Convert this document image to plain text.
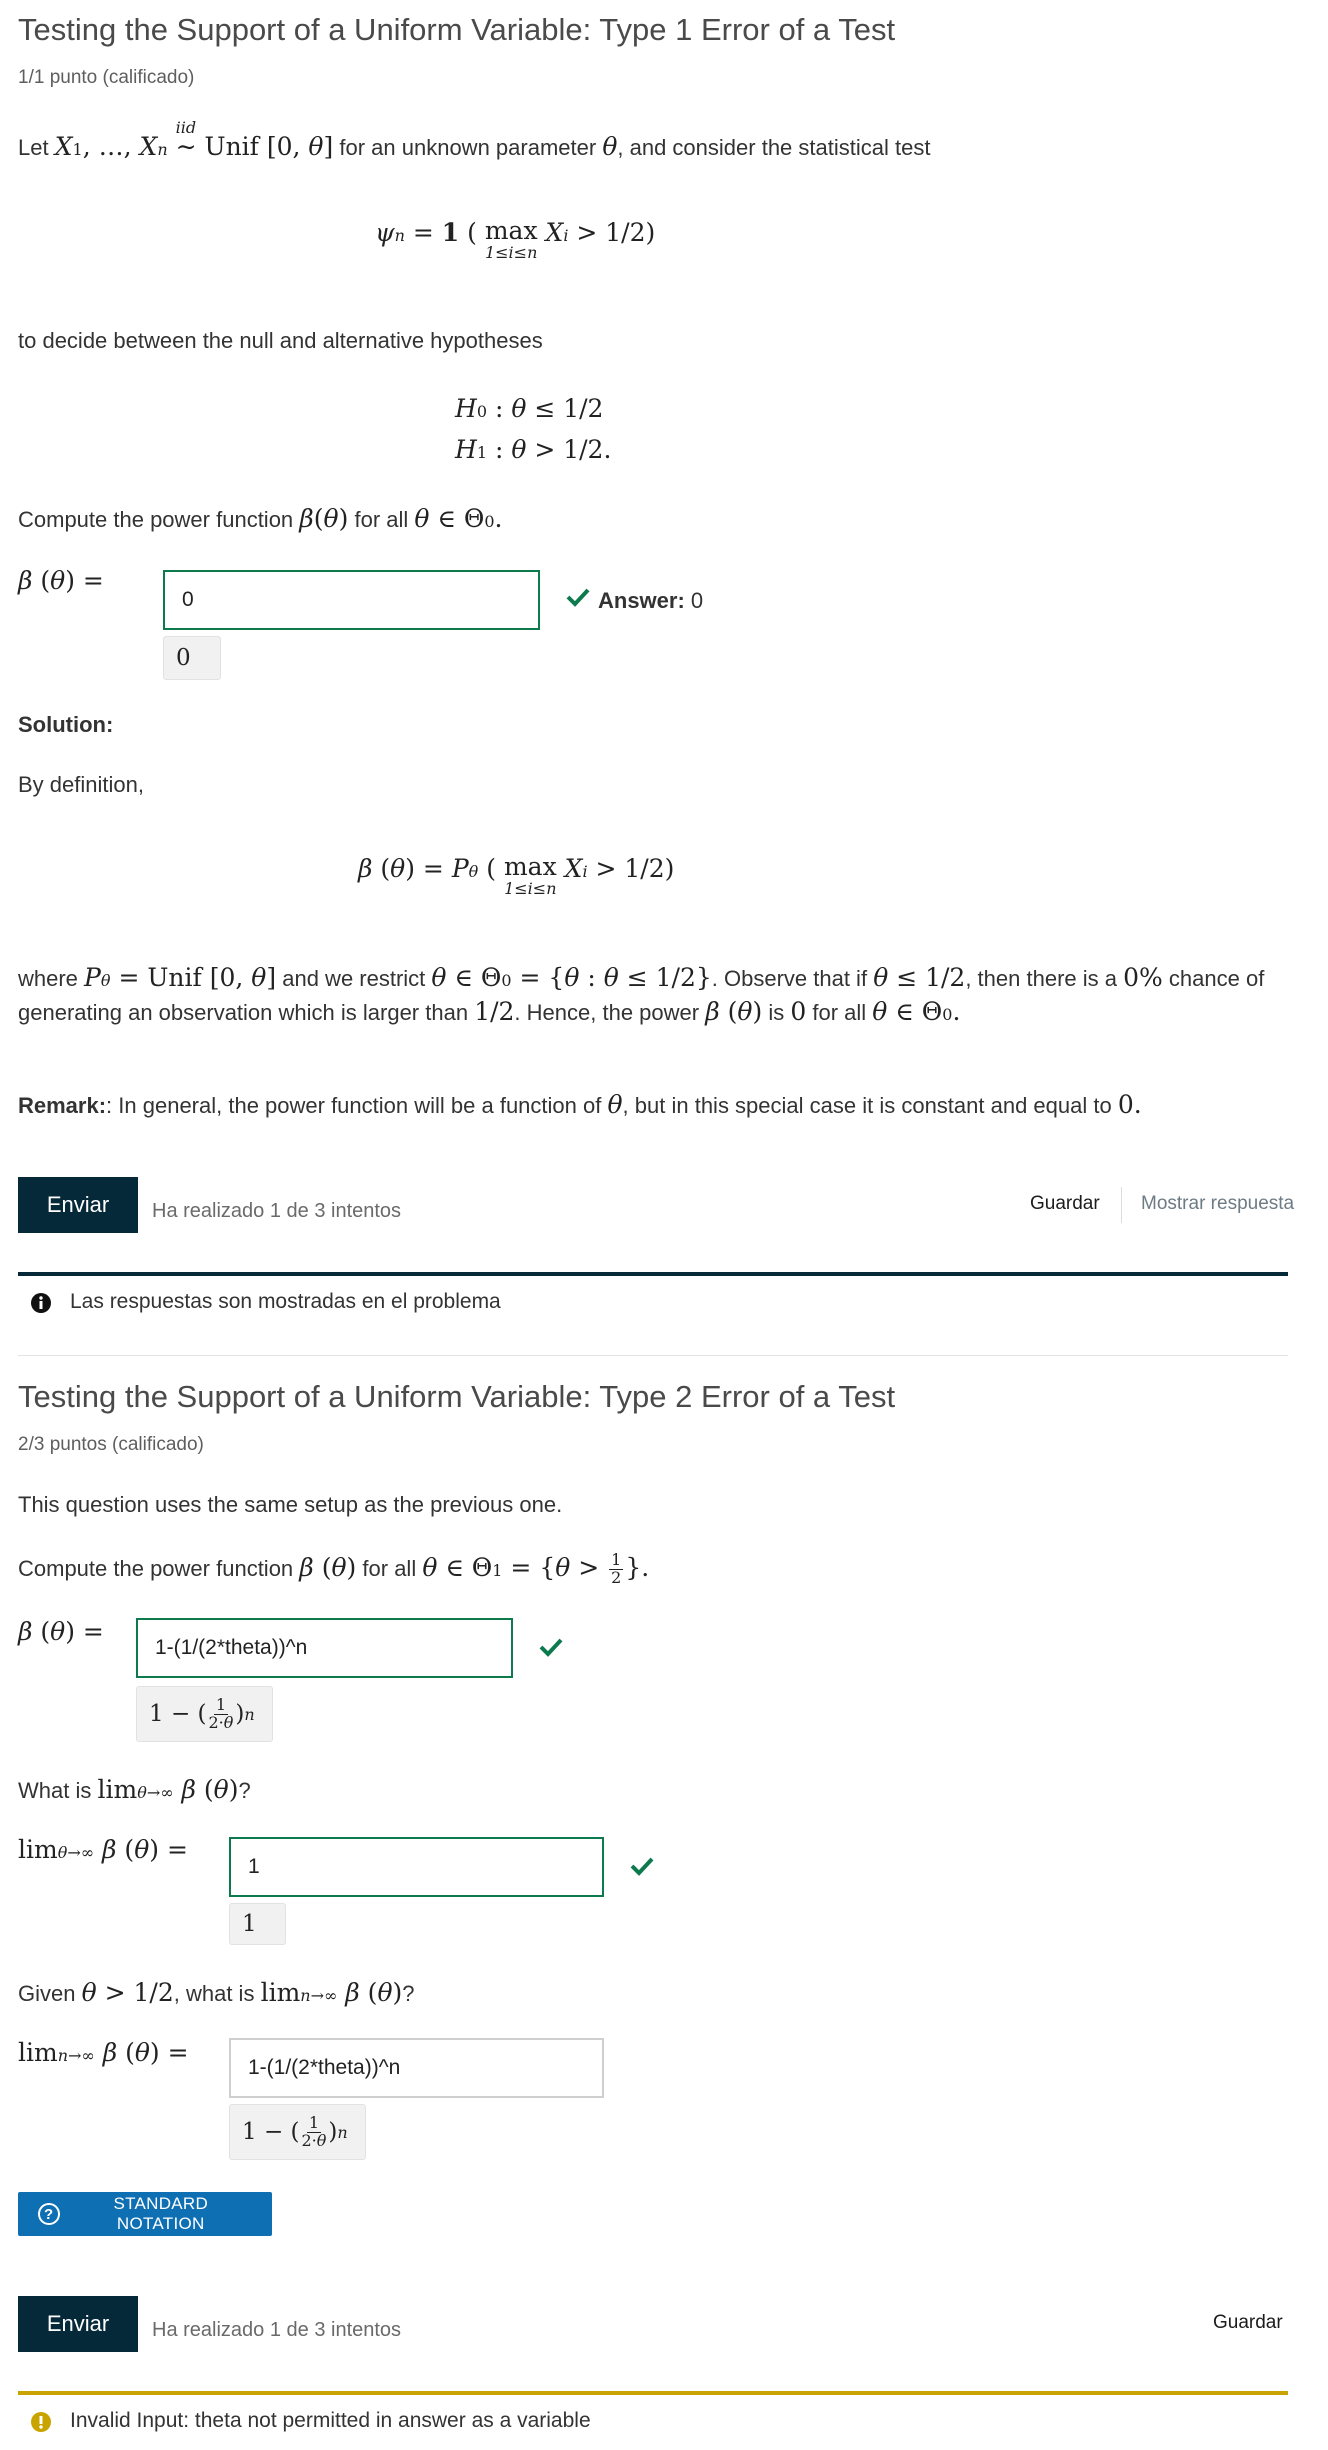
Testing the Support of a Uniform Variable: Type 1 Error of a Test
1/1 punto (calificado)
Let X1, …, Xn
iid
∼ Unif [0, θ] for an unknown parameter θ, and consider the statistical test
ψn = 1 ( max
1≤i≤n
Xi > 1/2)
to decide between the null and alternative hypotheses
H0 : θ ≤ 1/2
H1 : θ > 1/2.
Compute the power function β(θ) for all θ ∈ Θ0.
β (θ) =
0
Answer: 0
0
Solution:
By definition,
β (θ) = Pθ ( max
1≤i≤n
Xi > 1/2)
where Pθ = Unif [0, θ] and we restrict θ ∈ Θ0 = {θ : θ ≤ 1/2}. Observe that if θ ≤ 1/2, then there is a 0% chance of
generating an observation which is larger than 1/2. Hence, the power β (θ) is 0 for all θ ∈ Θ0.
Remark:: In general, the power function will be a function of θ, but in this special case it is constant and equal to 0.
Enviar	Ha realizado 1 de 3 intentos	Guardar Mostrar respuesta
Las respuestas son mostradas en el problema
Testing the Support of a Uniform Variable: Type 2 Error of a Test
2/3 puntos (calificado)
This question uses the same setup as the previous one.
Compute the power function β (θ) for all θ ∈ $\Theta 1 = \{\theta > \frac{1}{2}$ }.
β (θ) =
1-(1/(2*theta))^n
1 − ( $\frac{1}{2\cdot\theta}$ ) n
What is limθ→∞ β (θ)?
limθ→∞ β (θ) =
1
1
Given θ > 1/2, what is limn→∞ β (θ)?
limn→∞ β (θ) =
1-(1/(2*theta))^n
1 − ( $\frac{1}{2\cdot\theta}$ ) n
?
STANDARD NOTATION
Enviar	Ha realizado 1 de 3 intentos	Guardar
Invalid Input: theta not permitted in answer as a variable
